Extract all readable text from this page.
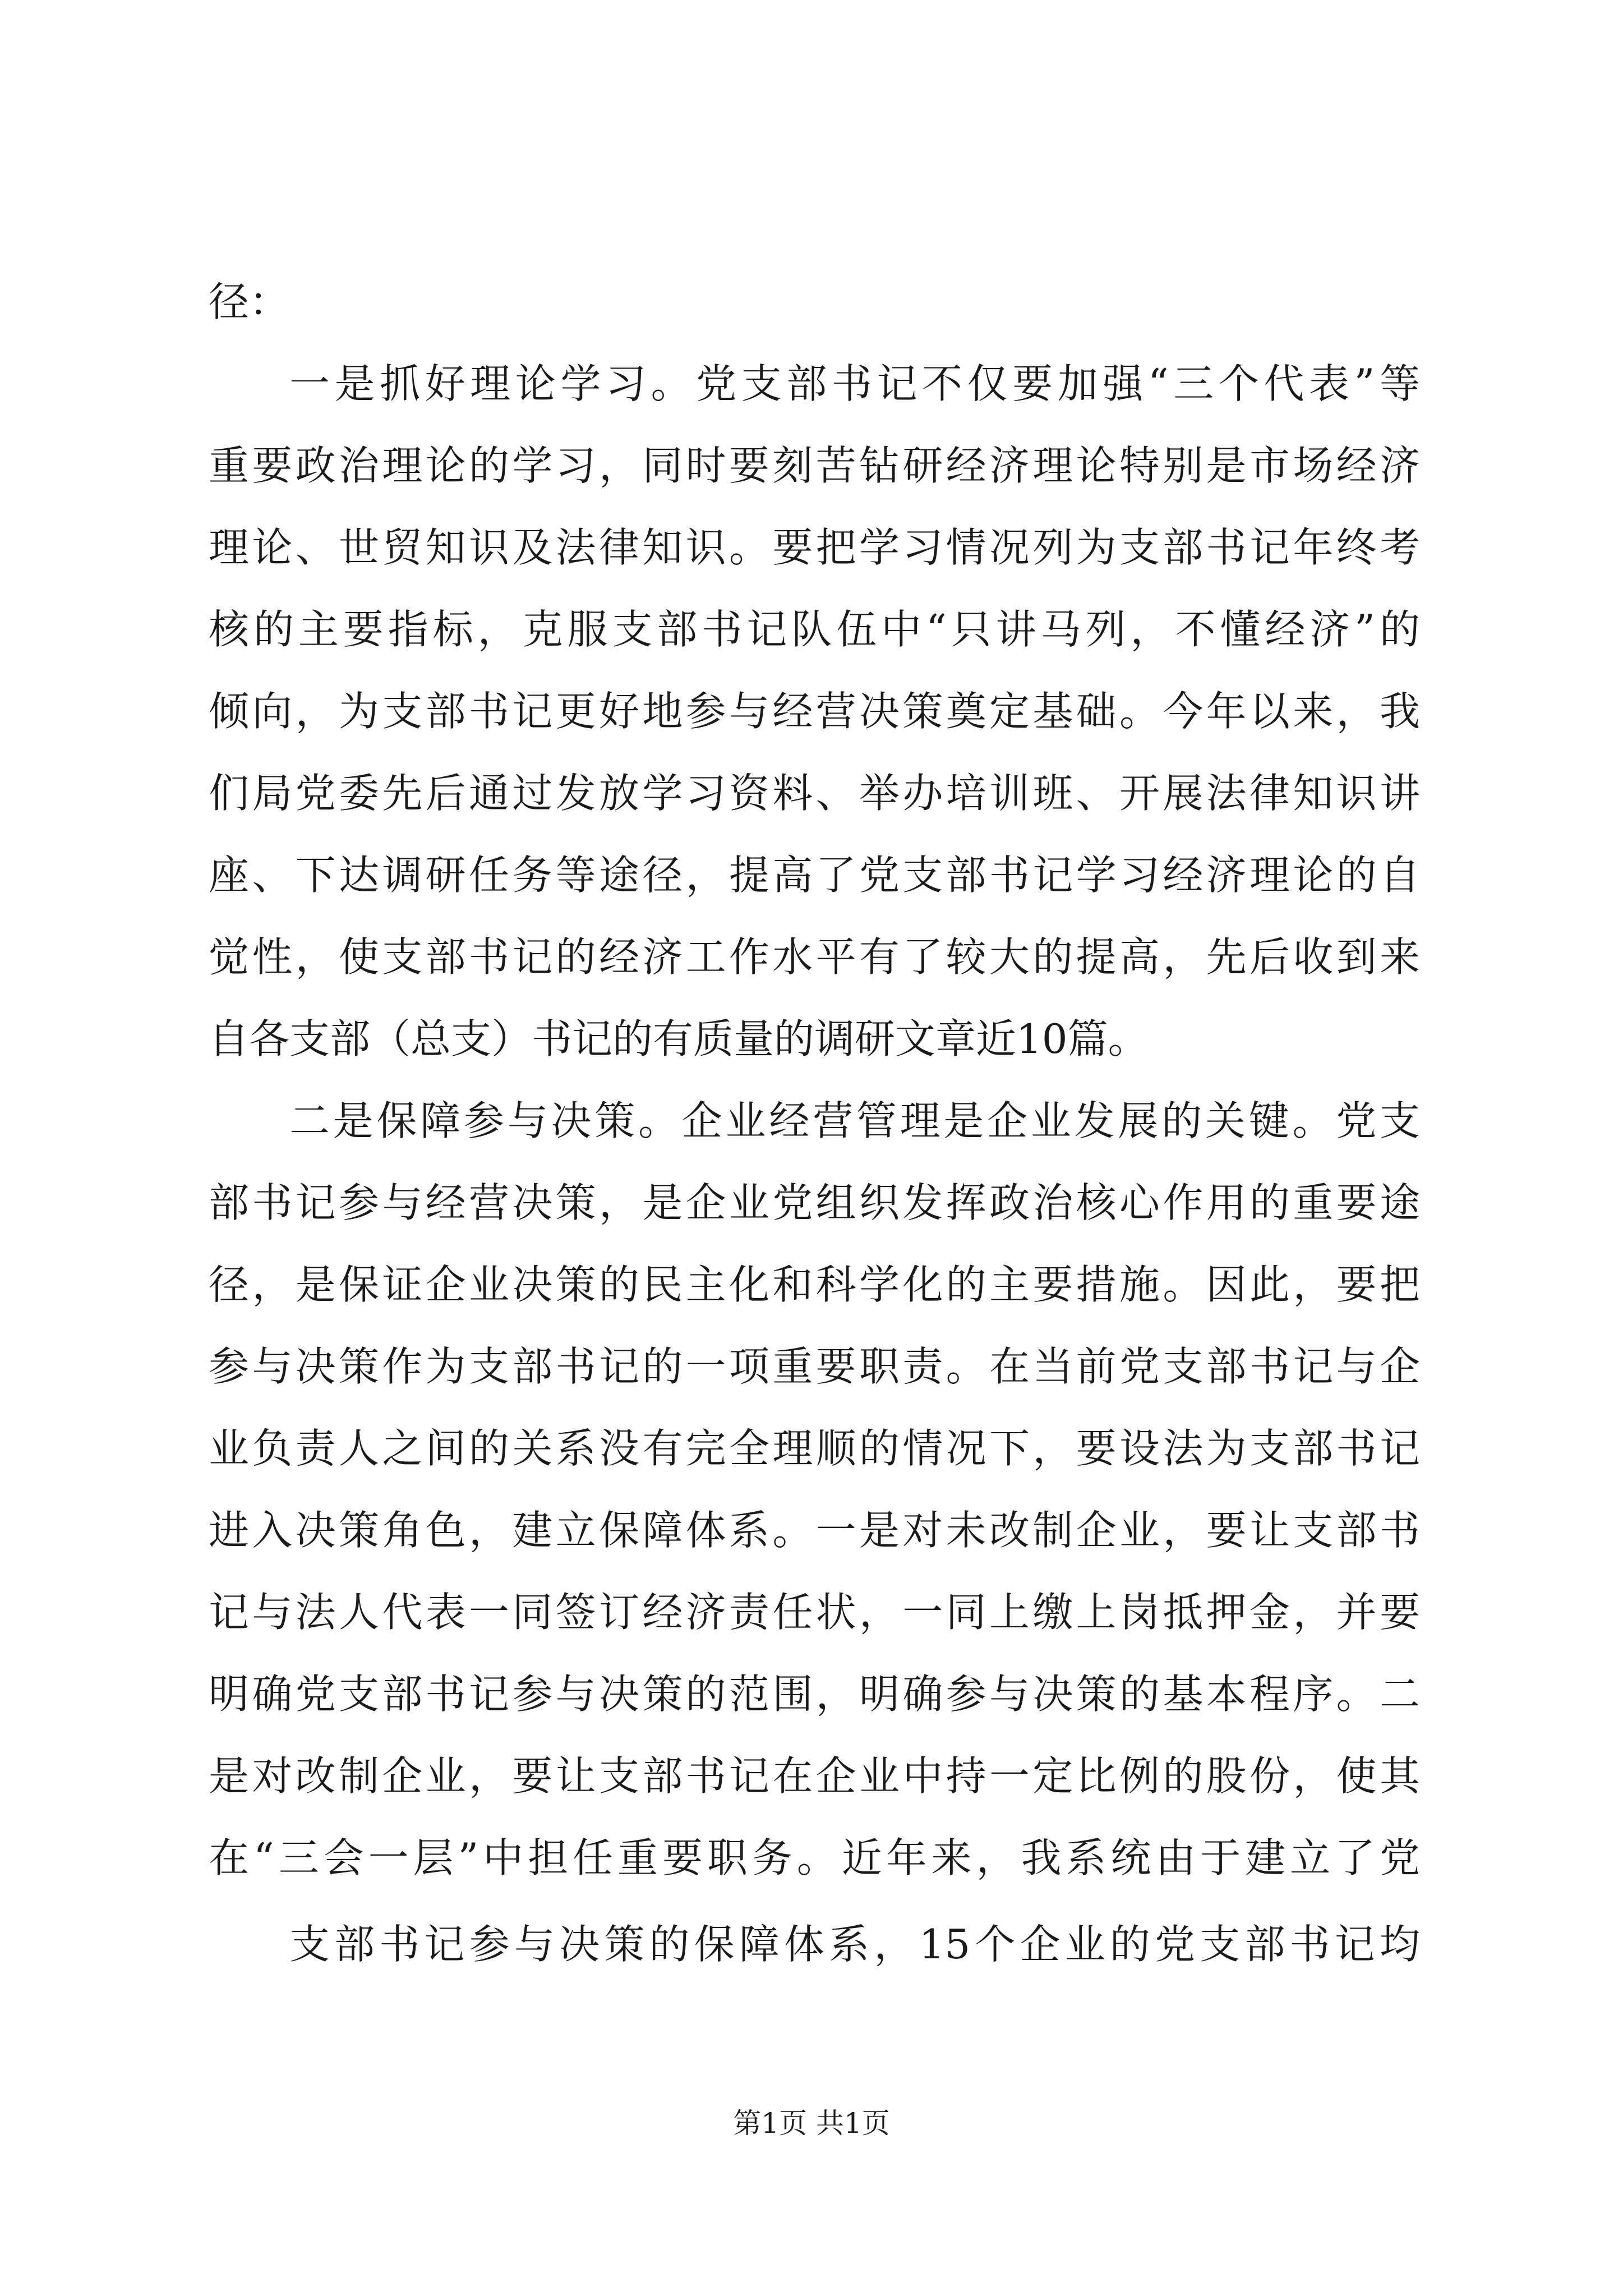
径：
一是抓好理论学习。党支部书记不仅要加强“三个代表”等
重要政治理论的学习，同时要刻苦钻研经济理论特别是市场经济
理论、世贸知识及法律知识。要把学习情况列为支部书记年终考
核的主要指标，克服支部书记队伍中“只讲马列，不懂经济”的
倾向，为支部书记更好地参与经营决策奠定基础。今年以来，我
们局党委先后通过发放学习资料、举办培训班、开展法律知识讲
座、下达调研任务等途径，提高了党支部书记学习经济理论的自
觉性，使支部书记的经济工作水平有了较大的提高，先后收到来
自各支部（总支）书记的有质量的调研文章近10篇。
二是保障参与决策。企业经营管理是企业发展的关键。党支
部书记参与经营决策，是企业党组织发挥政治核心作用的重要途
径，是保证企业决策的民主化和科学化的主要措施。因此，要把
参与决策作为支部书记的一项重要职责。在当前党支部书记与企
业负责人之间的关系没有完全理顺的情况下，要设法为支部书记
进入决策角色，建立保障体系。一是对未改制企业，要让支部书
记与法人代表一同签订经济责任状，一同上缴上岗抵押金，并要
明确党支部书记参与决策的范围，明确参与决策的基本程序。二
是对改制企业，要让支部书记在企业中持一定比例的股份，使其
在“三会一层”中担任重要职务。近年来，我系统由于建立了党
支部书记参与决策的保障体系，15个企业的党支部书记均
第1页 共1页
